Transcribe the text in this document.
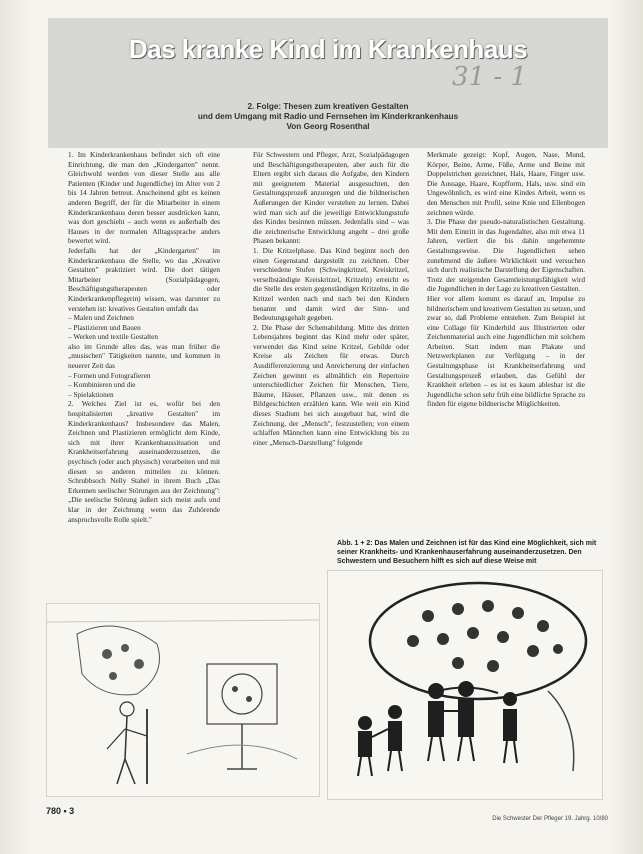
Das kranke Kind im Krankenhaus
31 - 1
2. Folge: Thesen zum kreativen Gestalten
und dem Umgang mit Radio und Fernsehen im Kinderkrankenhaus
Von Georg Rosenthal

1. Im Kinderkrankenhaus befindet sich oft eine Einrichtung, die man den „Kindergarten" nennt. Gleichwohl werden von dieser Stelle aus alle Patienten (Kinder und Jugendliche) im Alter von 2 bis 14 Jahren betreut. Anscheinend gibt es keinen anderen Begriff, der für die Mitarbeiter in einem Kinderkrankenhaus deren besser ausdrücken kann, was dort geschieht – auch wenn es außerhalb des Hauses in der normalen Alltagssprache anders bewertet wird.

Jederfalls hat der „Kindergarten" im Kinderkrankenhaus die Stelle, wo das „Kreative Gestalten" praktiziert wird. Die dort tätigen Mitarbeiter (Sozialpädagogen, Beschäftigungstherapeuten oder Kinderkrankenpflegerin) wissen, was darunter zu verstehen ist: kreatives Gestalten umfaßt das

– Malen und Zeichnen

– Plastizieren und Bauen

– Werken und textile Gestalten

also im Grunde alles das, was man früher die „musischen" Tätigkeiten nannte, und kommen in neuerer Zeit das

– Formen und Fotografieren

– Kombinieren und die

– Spielaktionen

2. Welches Ziel ist es, wofür bei den hospitalisierten „kreative Gestalten" im Kinderkrankenhaus? Insbesondere das Malen, Zeichnen und Plastizieren ermöglicht dem Kinde, sich mit ihrer Krankenhaussituation und Krankheitserfahrung auseinanderzusetzen, die psychisch (oder auch physisch) verarbeiten und mit diesen so anderen mitteilen zu können. Schrubbsoch Nelly Stahel in ihrem Buch „Das Erkennen seelischer Störungen aus der Zeichnung": „Die seelische Störung äußert sich meist aufs und klar in der Zeichnung wenn das Zuhörende anspruchsvolle Rolle spielt."

Für Schwestern und Pfleger, Arzt, Sozialpädagogen und Beschäftigungstherapeuten, aber auch für die Eltern ergibt sich daraus die Aufgabe, den Kindern mit geeignetem Material ausgesuchten, den Gestaltungsprozeß anzuregen und die bildnerischen Äußerungen der Kinder verstehen zu lernen. Dabei wird man sich auf die jeweilige Entwicklungsstufe des Kindes besinnen müssen. Jedenfalls sind – was die zeichnerische Entwicklung angeht – drei große Phasen bekannt:

1. Die Kritzelphase. Das Kind beginnt noch den einen Gegenstand dargestellt zu zeichnen. Über verschiedene Stufen (Schwingkritzel, Kreiskritzel, verselbständigte Kreiskritzel, Kritzeln) erreicht es die Stelle des ersten gegenständigen Kritzelns, in die Kritzel werden nach und nach bei den Kindern benannt und damit wird der Sinn- und Bedeutungsgehalt gegeben.

2. Die Phase der Schemabildung. Mitte des dritten Lebensjahres beginnt das Kind mehr oder später, verwendet das Kind seine Kritzel, Gebilde oder Kreise als Zeichen für etwas. Durch Ausdifferenzierung und Anreicherung der einfachen Zeichen gewinnt es allmählich ein Repertoire unterschiedlicher Zeichen für Menschen, Tiere, Bäume, Häuser, Pflanzen usw., mit denen es Bildgeschichten erzählen kann. Wie weit ein Kind dieses Stadium bei sich ausgebaut hat, wird die Zeichnung, der „Mensch", festzustellen; von einem schlaffen Männchen kann eine Entwicklung bis zu einer „Mensch-Darstellung" folgende

Merkmale gezeigt: Kopf, Augen, Nase, Mund, Körper, Beine, Arme, Füße, Arme und Beine mit Doppelstrichen gezeichnet, Hals, Haare, Finger usw. Die Aussage, Haare, Kopfform, Hals, usw. sind ein Ungewöhnlich, es wird eine Kindes Arbeit, wenn es den Menschen mit Profil, seine Knie und Ellenbogen zeichnen würde.

3. Die Phase der pseudo-naturalistischen Gestaltung. Mit dem Eintritt in das Jugendalter, also mit etwa 11 Jahren, verliert die bis dahin ungehemmte Gestaltungsweise. Die Jugendlichen sehen zunehmend die äußere Wirklichkeit und versuchen sich durch realistische Darstellung der Eigenschaften. Trotz der steigenden Gesamtleistungsfähigkeit wird die Jugendlichen in der Lage zu kreativen Gestalten.

Hier vor allem kommt es darauf an, Impulse zu bildnerischem und kreativem Gestalten zu setzen, und zwar so, daß Probleme entstehen. Zum Beispiel ist eine Collage für Kinderbild aus Illustrierten oder Zeichenmaterial auch eine Jugendlichen mit solchem Arbeiten. Statt indem man Plakate und Netzwerkplanen zur Verfügung – in der Gestaltungsphase ist Krankheitserfahrung und Gestaltungsprozeß erlauben, das Gefühl der Krankheit erleben – es ist es kaum ablesbar ist die Jugendliche schon sehr früh eine bildliche Sprache zu finden für eigene bildnerische Möglichkeiten.

Abb. 1 + 2: Das Malen und Zeichnen ist für das Kind eine Möglichkeit, sich mit seiner Krankheits- und Krankenhauserfahrung auseinanderzusetzen. Den Schwestern und Besuchern hilft es sich auf diese Weise mit
780 • 3
Die Schwester Der Pfleger 19. Jahrg. 10/80
